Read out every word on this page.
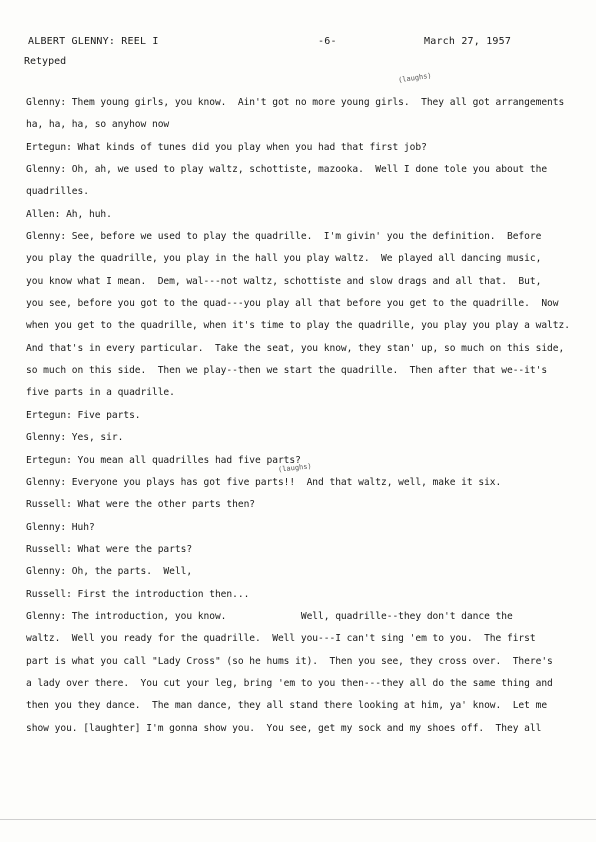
ALBERT GLENNY: REEL I	-6-	March 27, 1957
Retyped
(laughs)
(laughs)
Glenny: Them young girls, you know.  Ain't got no more young girls.  They all got arrangements
ha, ha, ha, so anyhow now
Ertegun: What kinds of tunes did you play when you had that first job?
Glenny: Oh, ah, we used to play waltz, schottiste, mazooka.  Well I done tole you about the
quadrilles.
Allen: Ah, huh.
Glenny: See, before we used to play the quadrille.  I'm givin' you the definition.  Before
you play the quadrille, you play in the hall you play waltz.  We played all dancing music,
you know what I mean.  Dem, wal---not waltz, schottiste and slow drags and all that.  But,
you see, before you got to the quad---you play all that before you get to the quadrille.  Now
when you get to the quadrille, when it's time to play the quadrille, you play you play a waltz.
And that's in every particular.  Take the seat, you know, they stan' up, so much on this side,
so much on this side.  Then we play--then we start the quadrille.  Then after that we--it's
five parts in a quadrille.
Ertegun: Five parts.
Glenny: Yes, sir.
Ertegun: You mean all quadrilles had five parts?
Glenny: Everyone you plays has got five parts!!  And that waltz, well, make it six.
Russell: What were the other parts then?
Glenny: Huh?
Russell: What were the parts?
Glenny: Oh, the parts.  Well,
Russell: First the introduction then...
Glenny: The introduction, you know.             Well, quadrille--they don't dance the
waltz.  Well you ready for the quadrille.  Well you---I can't sing 'em to you.  The first
part is what you call "Lady Cross" (so he hums it).  Then you see, they cross over.  There's
a lady over there.  You cut your leg, bring 'em to you then---they all do the same thing and
then you they dance.  The man dance, they all stand there looking at him, ya' know.  Let me
show you. [laughter] I'm gonna show you.  You see, get my sock and my shoes off.  They all
